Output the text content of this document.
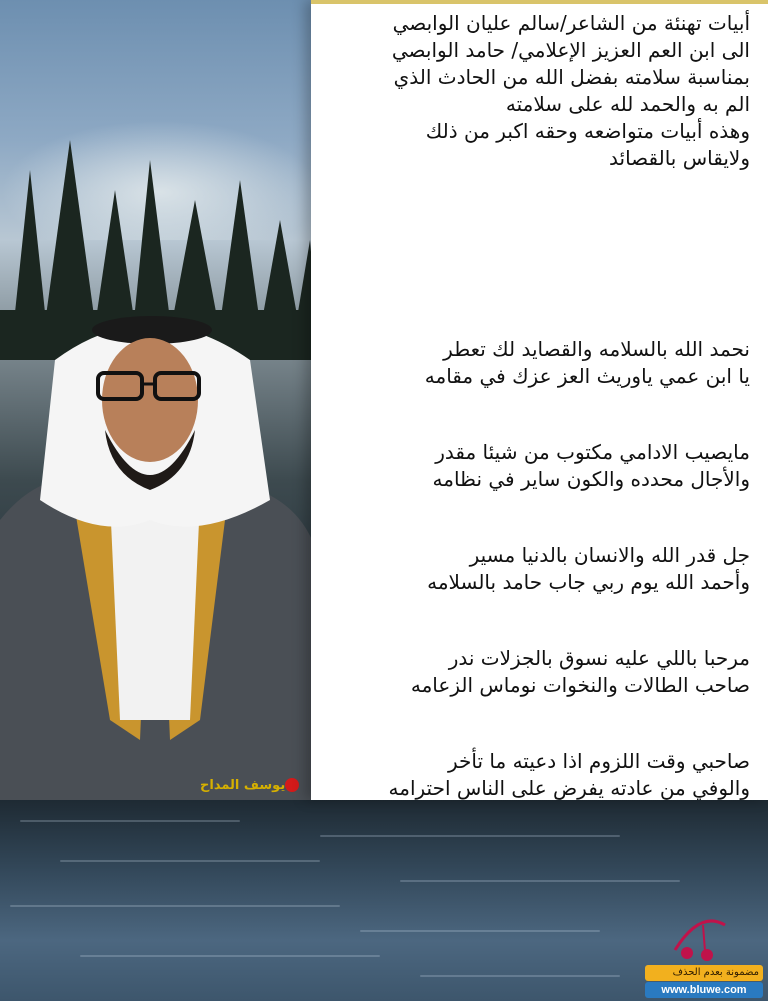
يوسف المداح
أبيات تهنئة من الشاعر/سالم عليان الوابصي
الى ابن العم العزيز الإعلامي/ حامد الوابصي
بمناسبة سلامته بفضل الله من الحادث الذي
الم به والحمد لله على سلامته
وهذه أبيات متواضعه وحقه اكبر من ذلك
ولايقاس بالقصائد
نحمد الله بالسلامه والقصايد لك تعطر
يا ابن عمي ياوريث العز عزك في مقامه
مايصيب الادامي مكتوب من شيئا مقدر
والأجال محدده والكون ساير في نظامه
جل قدر الله والانسان بالدنيا مسير
وأحمد الله يوم ربي جاب حامد بالسلامه
مرحبا باللي عليه نسوق بالجزلات ندر
صاحب الطالات والنخوات نوماس الزعامه
صاحبي وقت اللزوم اذا دعيته ما تأخر
والوفي من عادته يفرض على الناس احترامه
مضمونة بعدم الحذف
www.bluwe.com
